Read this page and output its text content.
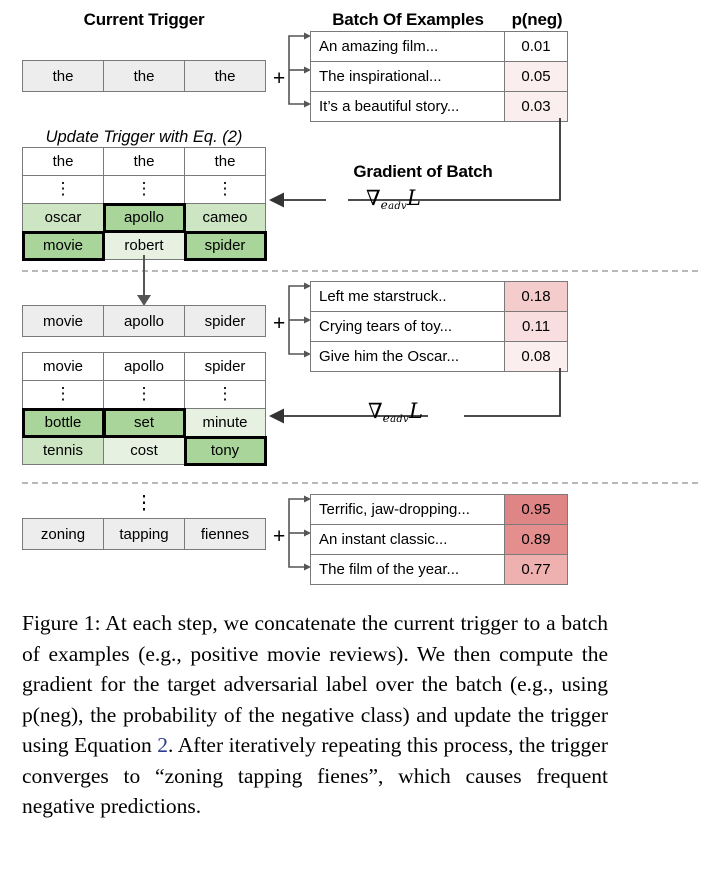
Current Trigger	Batch Of Examples	p(neg)
the	the	the +
An amazing film...	0.01
The inspirational...	0.05
It’s a beautiful story...	0.03
Gradient of Batch
$\nabla_{eadv}L$
Update Trigger with Eq. (2)
the	the	the
⋮	⋮	⋮
oscar	apollo	cameo
movie	robert	spider
movie	apollo	spider +
Left me starstruck..	0.18
Crying tears of toy...	0.11
Give him the Oscar...	0.08
$\nabla_{eadv}L$
movie	apollo	spider
⋮	⋮	⋮
bottle	set	minute
tennis	cost	tony
⋮
zoning	tapping	fiennes +
Terrific, jaw-dropping...	0.95
An instant classic...	0.89
The film of the year...	0.77
Figure 1: At each step, we concatenate the current trigger to a batch of examples (e.g., positive movie reviews). We then compute the gradient for the target adversarial label over the batch (e.g., using p(neg), the probability of the negative class) and update the trigger using Equation 2. After iteratively repeating this process, the trigger converges to “zoning tapping fienes”, which causes frequent negative predictions.
